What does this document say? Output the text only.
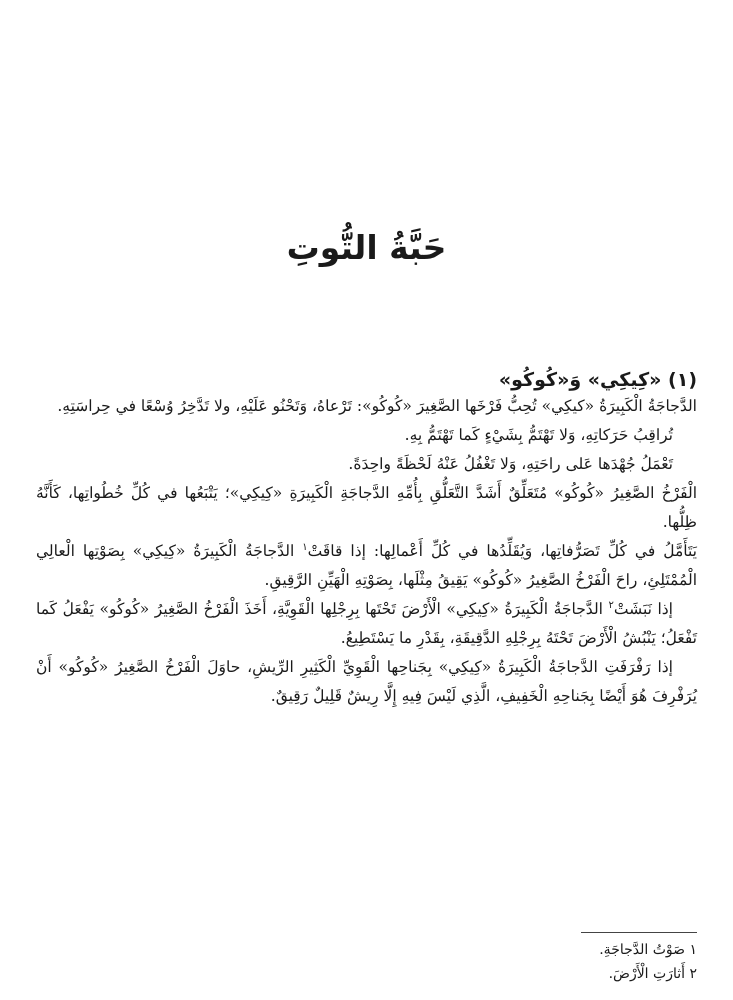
حَبَّةُ التُّوتِ
(١) «كِيكِي» وَ«كُوكُو»

الدَّجاجَةُ الْكَبِيرَةُ «كيكِي» تُحِبُّ فَرْخَها الصَّغِيرَ «كُوكُو»: تَرْعاهُ، وَتَحْنُو عَلَيْهِ، ولا تَدَّخِرُ وُسْعًا في حِراسَتِهِ.

تُراقِبُ حَرَكاتِهِ، وَلا تَهْتَمُّ بِشَيْءٍ كَما تَهْتَمُّ بِهِ.

تَعْمَلُ جُهْدَها عَلى راحَتِهِ، وَلا تَغْفُلُ عَنْهُ لَحْظَةً واحِدَةً.

الْفَرْخُ الصَّغِيرُ «كُوكُو» مُتَعَلِّقٌ أَشَدَّ التَّعَلُّقِ بِأُمِّهِ الدَّجاجَةِ الْكَبِيرَةِ «كِيكِي»؛ يَتْبَعُها في كُلِّ خُطُواتِها، كَأَنَّهُ ظِلُّها.

يَتَأَمَّلُ في كُلِّ تَصَرُّفاتِها، وَيُقَلِّدُها في كُلِّ أَعْمالِها: إذا قاقَتْ$^١$ الدَّجاجَةُ الْكَبِيرَةُ «كِيكِي» بِصَوْتِها الْعالِي الْمُمْتَلِئِ، راحَ الْفَرْخُ الصَّغِيرُ «كُوكُو» يَقِيقُ مِثْلَها، بِصَوْتِهِ الْهَيِّنِ الرَّقِيقِ.

إذا نَبَشَتْ$^٢$ الدَّجاجَةُ الْكَبِيرَةُ «كِيكِي» الْأَرْضَ تَحْتَها بِرِجْلِها الْقَوِيَّةِ، أَخَذَ الْفَرْخُ الصَّغِيرُ «كُوكُو» يَفْعَلُ كَما تَفْعَلُ؛ يَنْبُشُ الْأَرْضَ تَحْتَهُ بِرِجْلِهِ الدَّقِيقَةِ، بِقَدْرِ ما يَسْتَطِيعُ.

إذا رَفْرَفَتِ الدَّجاجَةُ الْكَبِيرَةُ «كِيكِي» بِجَناحِها الْقَوِيِّ الْكَثِيرِ الرِّيشِ، حاوَلَ الْفَرْخُ الصَّغِيرُ «كُوكُو» أَنْ يُرَفْرِفَ هُوَ أَيْضًا بِجَناحِهِ الْخَفِيفِ، الَّذِي لَيْسَ فِيهِ إِلَّا رِيشٌ قَلِيلٌ رَقِيقٌ.

١ صَوْتُ الدَّجاجَةِ.
٢ أَثارَتِ الْأَرْضَ.
